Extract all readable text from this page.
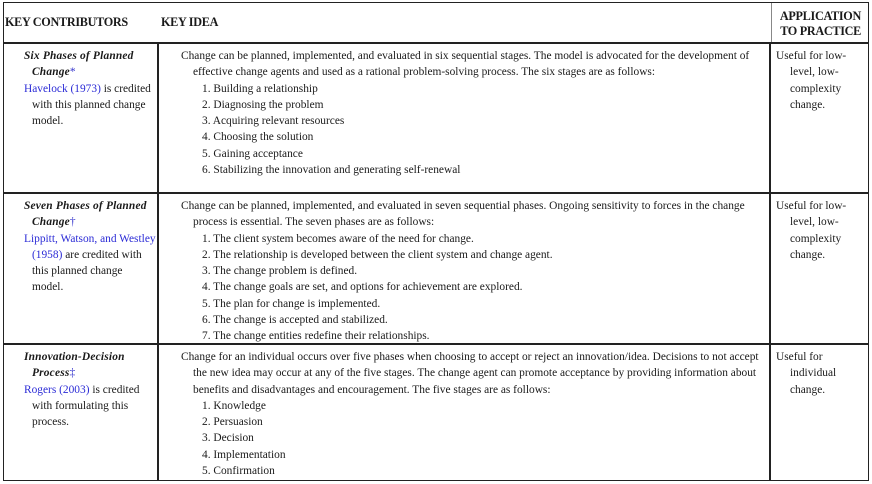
KEY CONTRIBUTORS	KEY IDEA	APPLICATION
TO PRACTICE
Six Phases of Planned Change*
Havelock (1973) is credited with this planned change model.
Change can be planned, implemented, and evaluated in six sequential stages. The model is advocated for the development of effective change agents and used as a rational problem-solving process. The six stages are as follows:
1. Building a relationship
2. Diagnosing the problem
3. Acquiring relevant resources
4. Choosing the solution
5. Gaining acceptance
6. Stabilizing the innovation and generating self-renewal
Useful for low-level, low-complexity change.
Seven Phases of Planned Change†
Lippitt, Watson, and Westley (1958) are credited with this planned change model.
Change can be planned, implemented, and evaluated in seven sequential phases. Ongoing sensitivity to forces in the change process is essential. The seven phases are as follows:
1. The client system becomes aware of the need for change.
2. The relationship is developed between the client system and change agent.
3. The change problem is defined.
4. The change goals are set, and options for achievement are explored.
5. The plan for change is implemented.
6. The change is accepted and stabilized.
7. The change entities redefine their relationships.
Useful for low-level, low-complexity change.
Innovation-Decision Process‡
Rogers (2003) is credited with formulating this process.
Change for an individual occurs over five phases when choosing to accept or reject an innovation/idea. Decisions to not accept the new idea may occur at any of the five stages. The change agent can promote acceptance by providing information about benefits and disadvantages and encouragement. The five stages are as follows:
1. Knowledge
2. Persuasion
3. Decision
4. Implementation
5. Confirmation
Useful for individual change.
